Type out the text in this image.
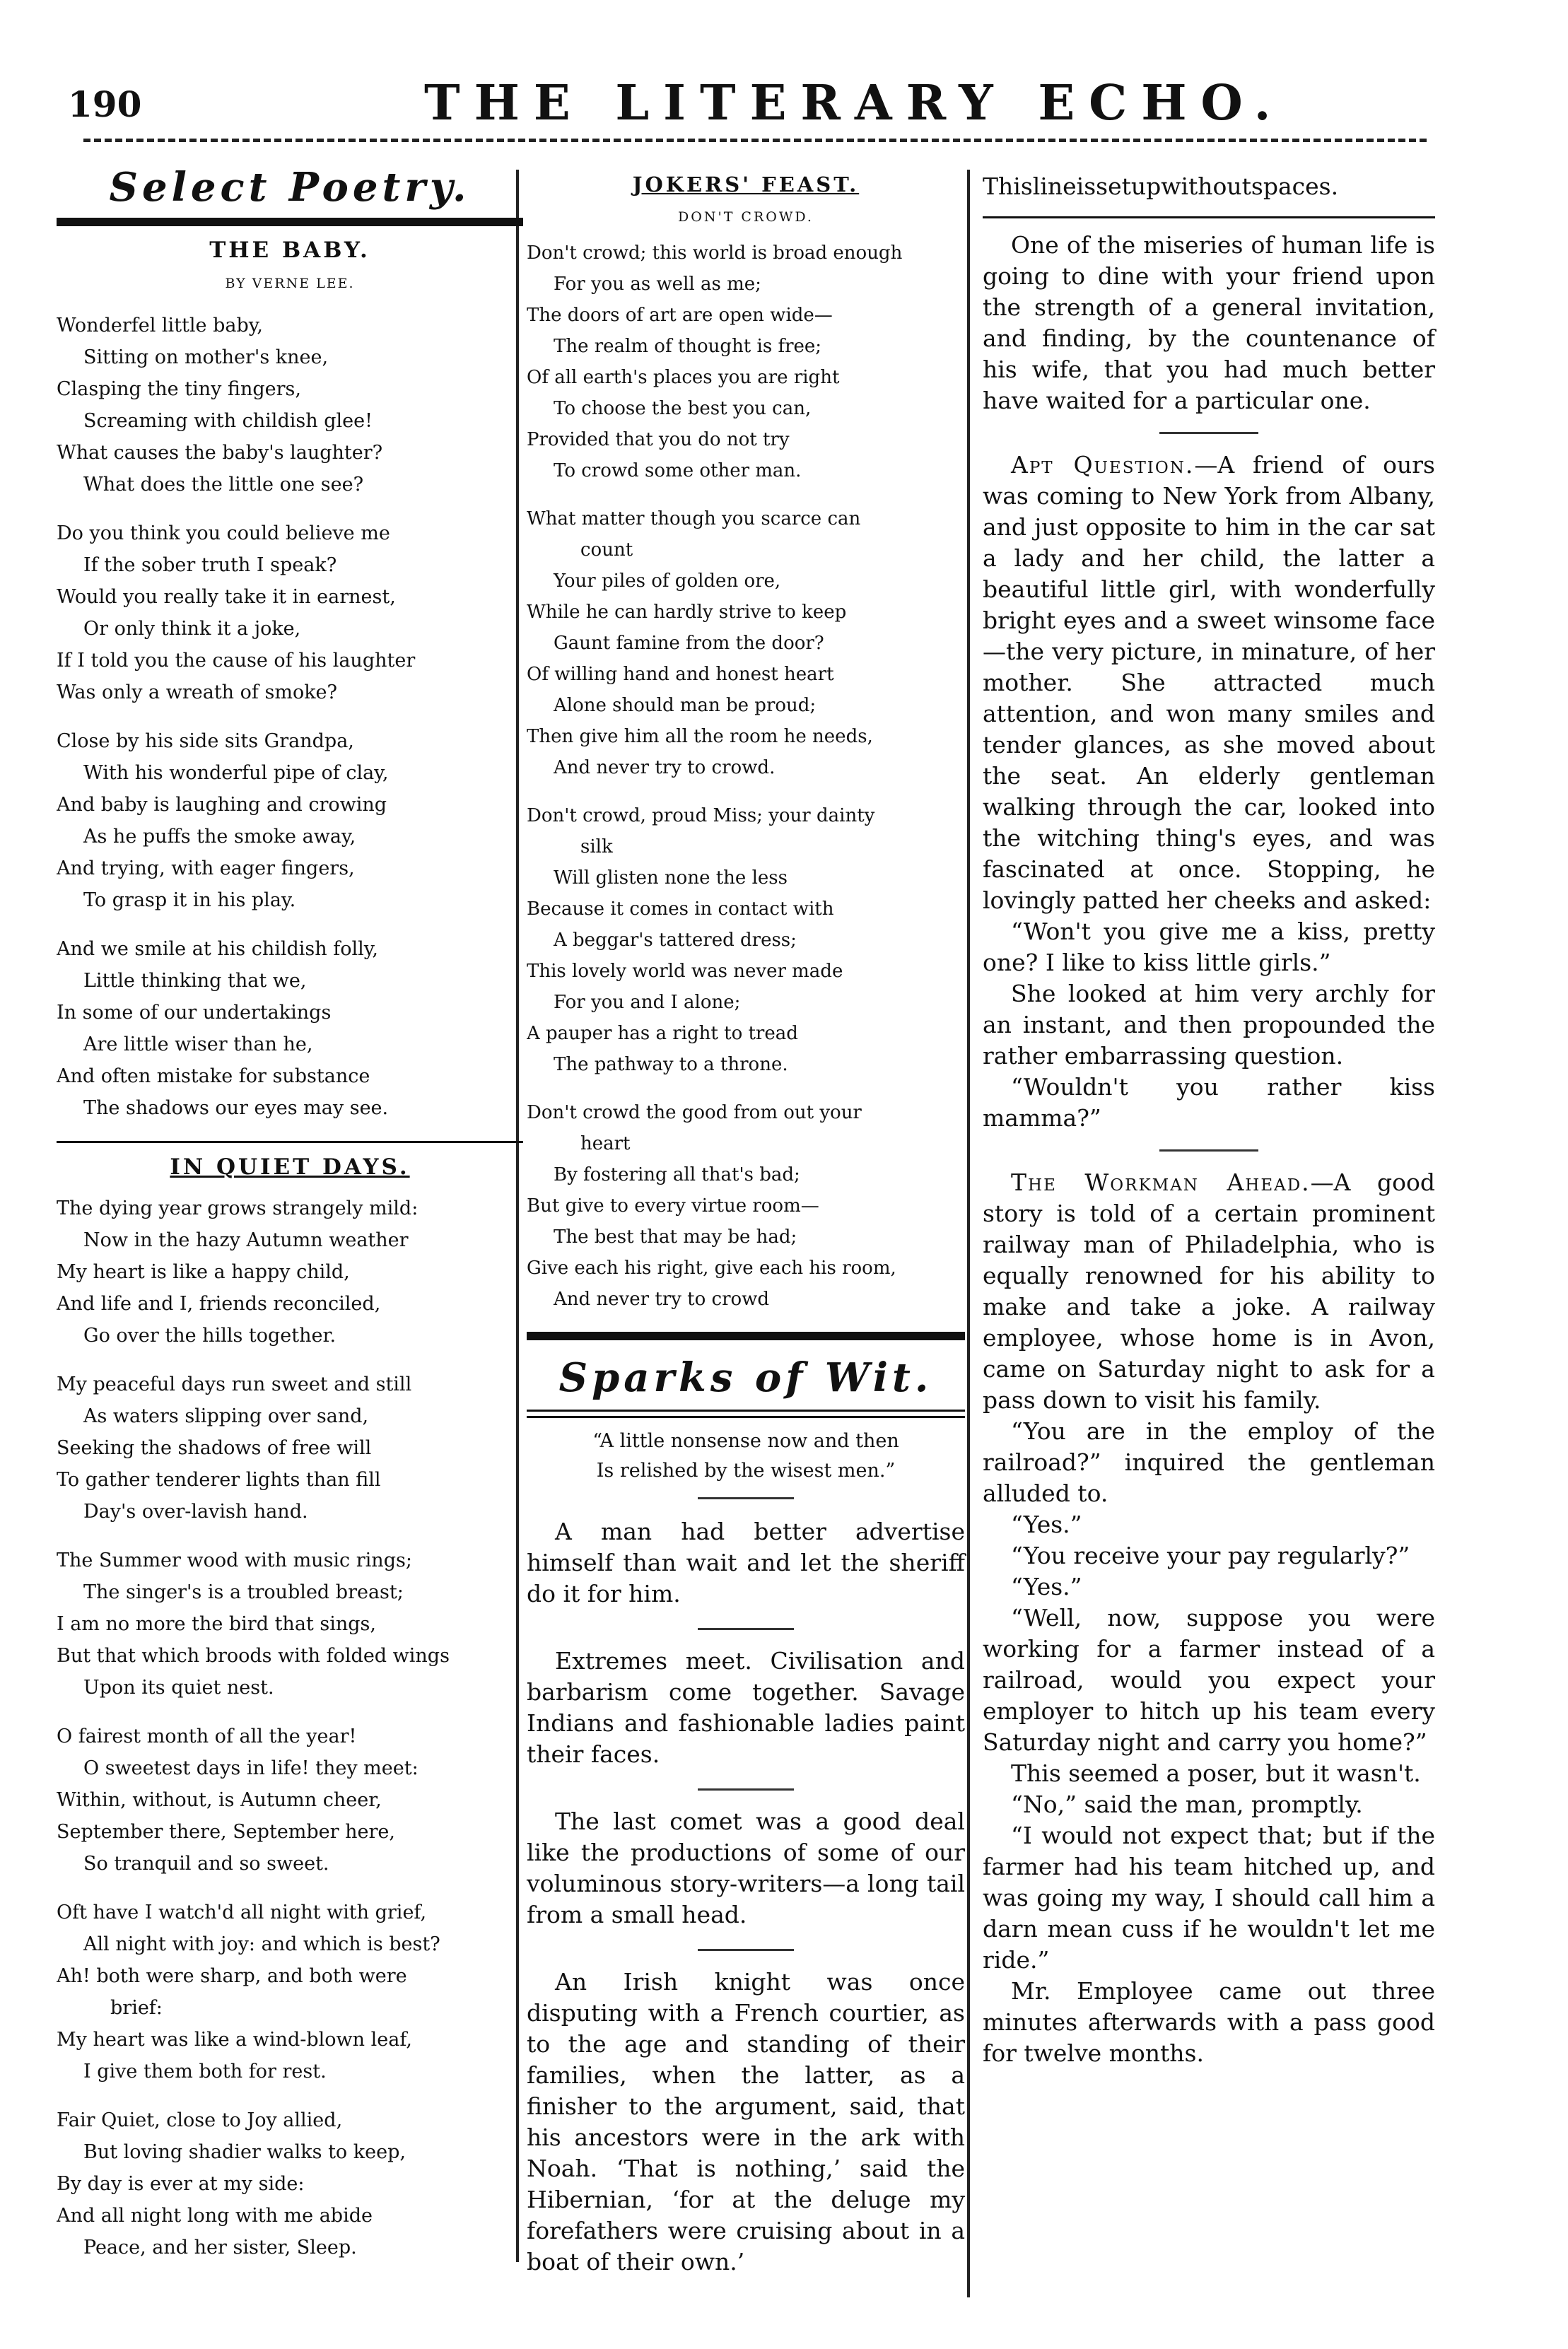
190	THE LITERARY ECHO.
Select Poetry.
THE BABY.
BY VERNE LEE.
Wonderfel little baby,
Sitting on mother's knee,
Clasping the tiny fingers,
Screaming with childish glee!
What causes the baby's laughter?
What does the little one see?
Do you think you could believe me
If the sober truth I speak?
Would you really take it in earnest,
Or only think it a joke,
If I told you the cause of his laughter
Was only a wreath of smoke?
Close by his side sits Grandpa,
With his wonderful pipe of clay,
And baby is laughing and crowing
As he puffs the smoke away,
And trying, with eager fingers,
To grasp it in his play.
And we smile at his childish folly,
Little thinking that we,
In some of our undertakings
Are little wiser than he,
And often mistake for substance
The shadows our eyes may see.
IN QUIET DAYS.
The dying year grows strangely mild:
Now in the hazy Autumn weather
My heart is like a happy child,
And life and I, friends reconciled,
Go over the hills together.
My peaceful days run sweet and still
As waters slipping over sand,
Seeking the shadows of free will
To gather tenderer lights than fill
Day's over-lavish hand.
The Summer wood with music rings;
The singer's is a troubled breast;
I am no more the bird that sings,
But that which broods with folded wings
Upon its quiet nest.
O fairest month of all the year!
O sweetest days in life! they meet:
Within, without, is Autumn cheer,
September there, September here,
So tranquil and so sweet.
Oft have I watch'd all night with grief,
All night with joy: and which is best?
Ah! both were sharp, and both were
brief:
My heart was like a wind-blown leaf,
I give them both for rest.
Fair Quiet, close to Joy allied,
But loving shadier walks to keep,
By day is ever at my side:
And all night long with me abide
Peace, and her sister, Sleep.
JOKERS' FEAST.
DON'T CROWD.
Don't crowd; this world is broad enough
For you as well as me;
The doors of art are open wide—
The realm of thought is free;
Of all earth's places you are right
To choose the best you can,
Provided that you do not try
To crowd some other man.
What matter though you scarce can
count
Your piles of golden ore,
While he can hardly strive to keep
Gaunt famine from the door?
Of willing hand and honest heart
Alone should man be proud;
Then give him all the room he needs,
And never try to crowd.
Don't crowd, proud Miss; your dainty
silk
Will glisten none the less
Because it comes in contact with
A beggar's tattered dress;
This lovely world was never made
For you and I alone;
A pauper has a right to tread
The pathway to a throne.
Don't crowd the good from out your
heart
By fostering all that's bad;
But give to every virtue room—
The best that may be had;
Give each his right, give each his room,
And never try to crowd
Sparks of Wit.
“A little nonsense now and then
Is relished by the wisest men.”

A man had better advertise himself than wait and let the sheriff do it for him.

Extremes meet. Civilisation and barbarism come together. Savage Indians and fashionable ladies paint their faces.

The last comet was a good deal like the productions of some of our voluminous story-writers—a long tail from a small head.

An Irish knight was once disputing with a French courtier, as to the age and standing of their families, when the latter, as a finisher to the argument, said, that his ancestors were in the ark with Noah. ‘That is nothing,’ said the Hibernian, ‘for at the deluge my forefathers were cruising about in a boat of their own.’

Thislineissetupwithoutspaces.

One of the miseries of human life is going to dine with your friend upon the strength of a general invitation, and finding, by the countenance of his wife, that you had much better have waited for a particular one.

Apt Question.—A friend of ours was coming to New York from Albany, and just opposite to him in the car sat a lady and her child, the latter a beautiful little girl, with wonderfully bright eyes and a sweet winsome face—the very picture, in minature, of her mother. She attracted much attention, and won many smiles and tender glances, as she moved about the seat. An elderly gentleman walking through the car, looked into the witching thing's eyes, and was fascinated at once. Stopping, he lovingly patted her cheeks and asked:

“Won't you give me a kiss, pretty one? I like to kiss little girls.”

She looked at him very archly for an instant, and then propounded the rather embarrassing question.

“Wouldn't you rather kiss mamma?”

The Workman Ahead.—A good story is told of a certain prominent railway man of Philadelphia, who is equally renowned for his ability to make and take a joke. A railway employee, whose home is in Avon, came on Saturday night to ask for a pass down to visit his family.

“You are in the employ of the railroad?” inquired the gentleman alluded to.

“Yes.”

“You receive your pay regularly?”

“Yes.”

“Well, now, suppose you were working for a farmer instead of a railroad, would you expect your employer to hitch up his team every Saturday night and carry you home?”

This seemed a poser, but it wasn't.

“No,” said the man, promptly.

“I would not expect that; but if the farmer had his team hitched up, and was going my way, I should call him a darn mean cuss if he wouldn't let me ride.”

Mr. Employee came out three minutes afterwards with a pass good for twelve months.
